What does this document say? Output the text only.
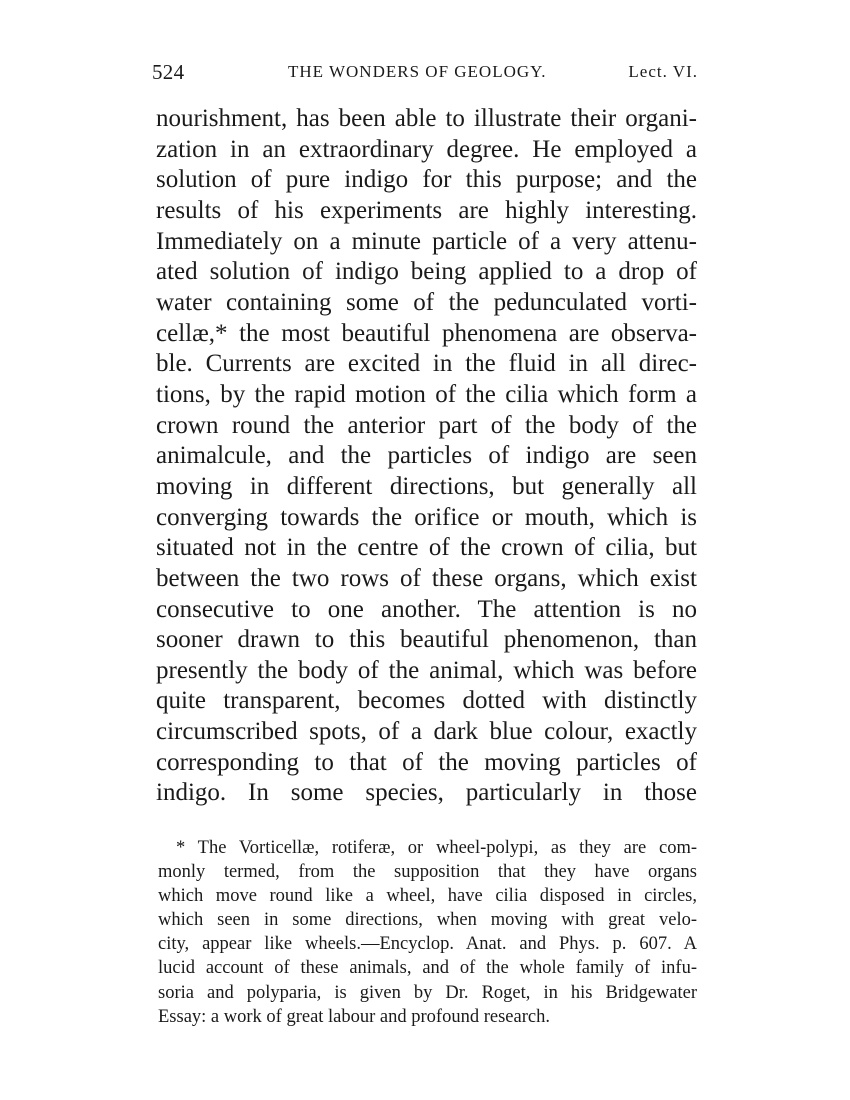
524	THE WONDERS OF GEOLOGY.	Lect. VI.
nourishment, has been able to illustrate their organi-
zation in an extraordinary degree. He employed a
solution of pure indigo for this purpose; and the
results of his experiments are highly interesting.
Immediately on a minute particle of a very attenu-
ated solution of indigo being applied to a drop of
water containing some of the pedunculated vorti-
cellæ,* the most beautiful phenomena are observa-
ble. Currents are excited in the fluid in all direc-
tions, by the rapid motion of the cilia which form a
crown round the anterior part of the body of the
animalcule, and the particles of indigo are seen
moving in different directions, but generally all
converging towards the orifice or mouth, which is
situated not in the centre of the crown of cilia, but
between the two rows of these organs, which exist
consecutive to one another. The attention is no
sooner drawn to this beautiful phenomenon, than
presently the body of the animal, which was before
quite transparent, becomes dotted with distinctly
circumscribed spots, of a dark blue colour, exactly
corresponding to that of the moving particles of
indigo. In some species, particularly in those
* The Vorticellæ, rotiferæ, or wheel-polypi, as they are com-
monly termed, from the supposition that they have organs
which move round like a wheel, have cilia disposed in circles,
which seen in some directions, when moving with great velo-
city, appear like wheels.—Encyclop. Anat. and Phys. p. 607. A
lucid account of these animals, and of the whole family of infu-
soria and polyparia, is given by Dr. Roget, in his Bridgewater
Essay: a work of great labour and profound research.
